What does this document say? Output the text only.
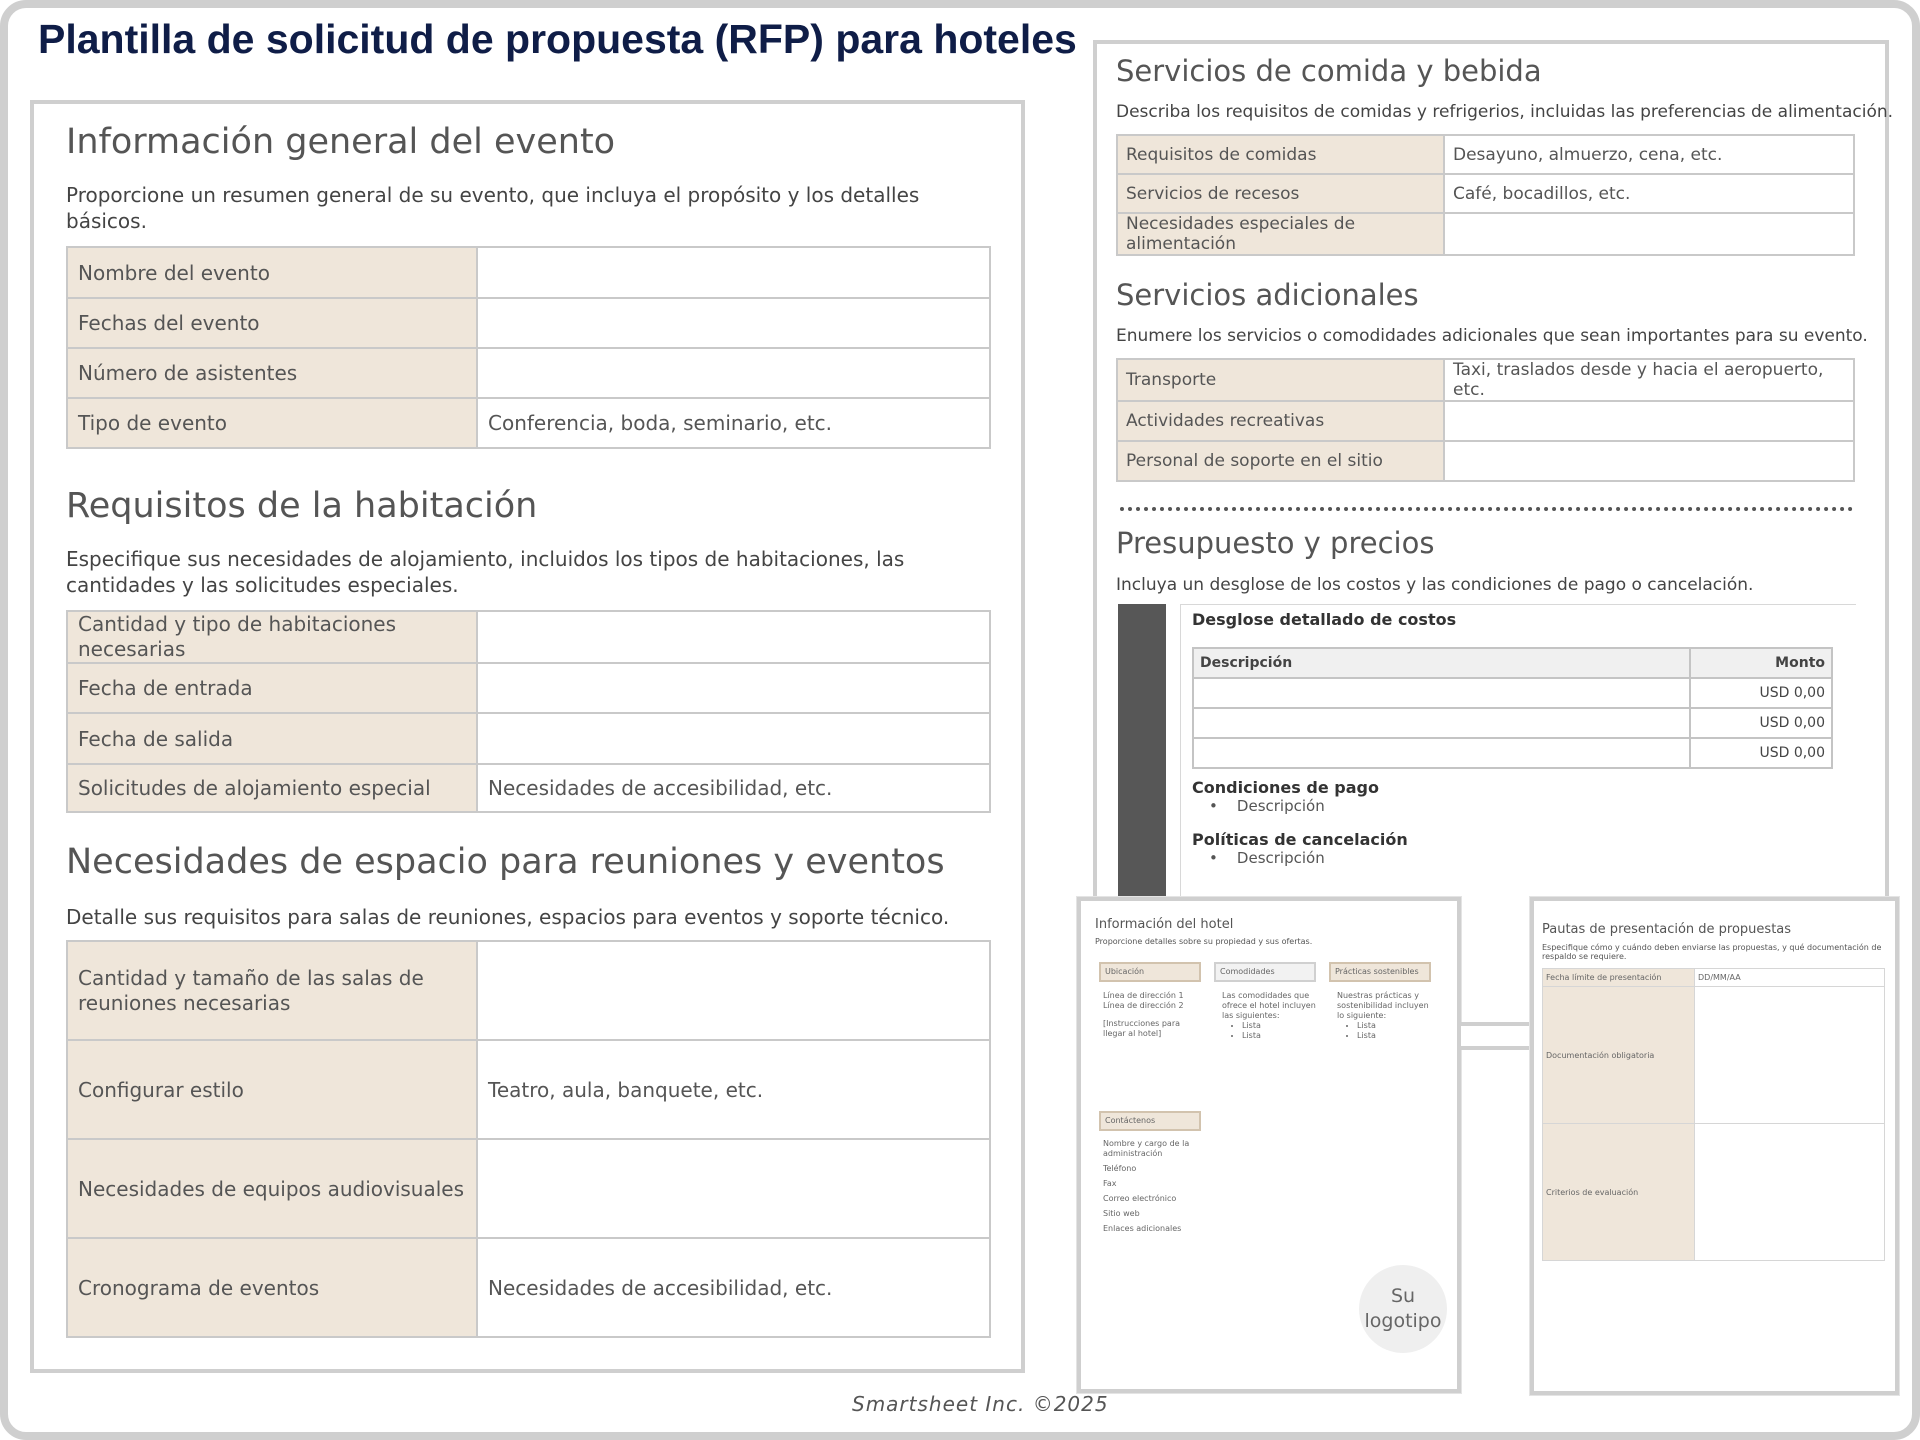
Plantilla de solicitud de propuesta (RFP) para hoteles
Información general del evento
Proporcione un resumen general de su evento, que incluya el propósito y los detalles básicos.
Nombre del evento	
Fechas del evento	
Número de asistentes	
Tipo de evento	Conferencia, boda, seminario, etc.
Requisitos de la habitación
Especifique sus necesidades de alojamiento, incluidos los tipos de habitaciones, las cantidades y las solicitudes especiales.
Cantidad y tipo de habitaciones necesarias	
Fecha de entrada	
Fecha de salida	
Solicitudes de alojamiento especial	Necesidades de accesibilidad, etc.
Necesidades de espacio para reuniones y eventos
Detalle sus requisitos para salas de reuniones, espacios para eventos y soporte técnico.
Cantidad y tamaño de las salas de reuniones necesarias	
Configurar estilo	Teatro, aula, banquete, etc.
Necesidades de equipos audiovisuales	
Cronograma de eventos	Necesidades de accesibilidad, etc.
Servicios de comida y bebida
Describa los requisitos de comidas y refrigerios, incluidas las preferencias de alimentación.
Requisitos de comidas	Desayuno, almuerzo, cena, etc.
Servicios de recesos	Café, bocadillos, etc.
Necesidades especiales de alimentación	
Servicios adicionales
Enumere los servicios o comodidades adicionales que sean importantes para su evento.
Transporte	Taxi, traslados desde y hacia el aeropuerto, etc.
Actividades recreativas	
Personal de soporte en el sitio	
Presupuesto y precios
Incluya un desglose de los costos y las condiciones de pago o cancelación.
Desglose detallado de costos
Descripción	Monto
	USD 0,00
	USD 0,00
	USD 0,00
Condiciones de pago
•    Descripción
Políticas de cancelación
•    Descripción
Información del hotel
Proporcione detalles sobre su propiedad y sus ofertas.
Ubicación	Comodidades	Prácticas sostenibles
Línea de dirección 1
Línea de dirección 2
[Instrucciones para llegar al hotel]
Las comodidades que ofrece el hotel incluyen las siguientes:
• Lista
• Lista
Nuestras prácticas y sostenibilidad incluyen lo siguiente:
• Lista
• Lista
Contáctenos
Nombre y cargo de la administración
Teléfono
Fax
Correo electrónico
Sitio web
Enlaces adicionales
Su
logotipo
Pautas de presentación de propuestas
Especifique cómo y cuándo deben enviarse las propuestas, y qué documentación de
respaldo se requiere.
Fecha límite de presentación	DD/MM/AA
Documentación obligatoria	
Criterios de evaluación	
Smartsheet Inc. ©2025
